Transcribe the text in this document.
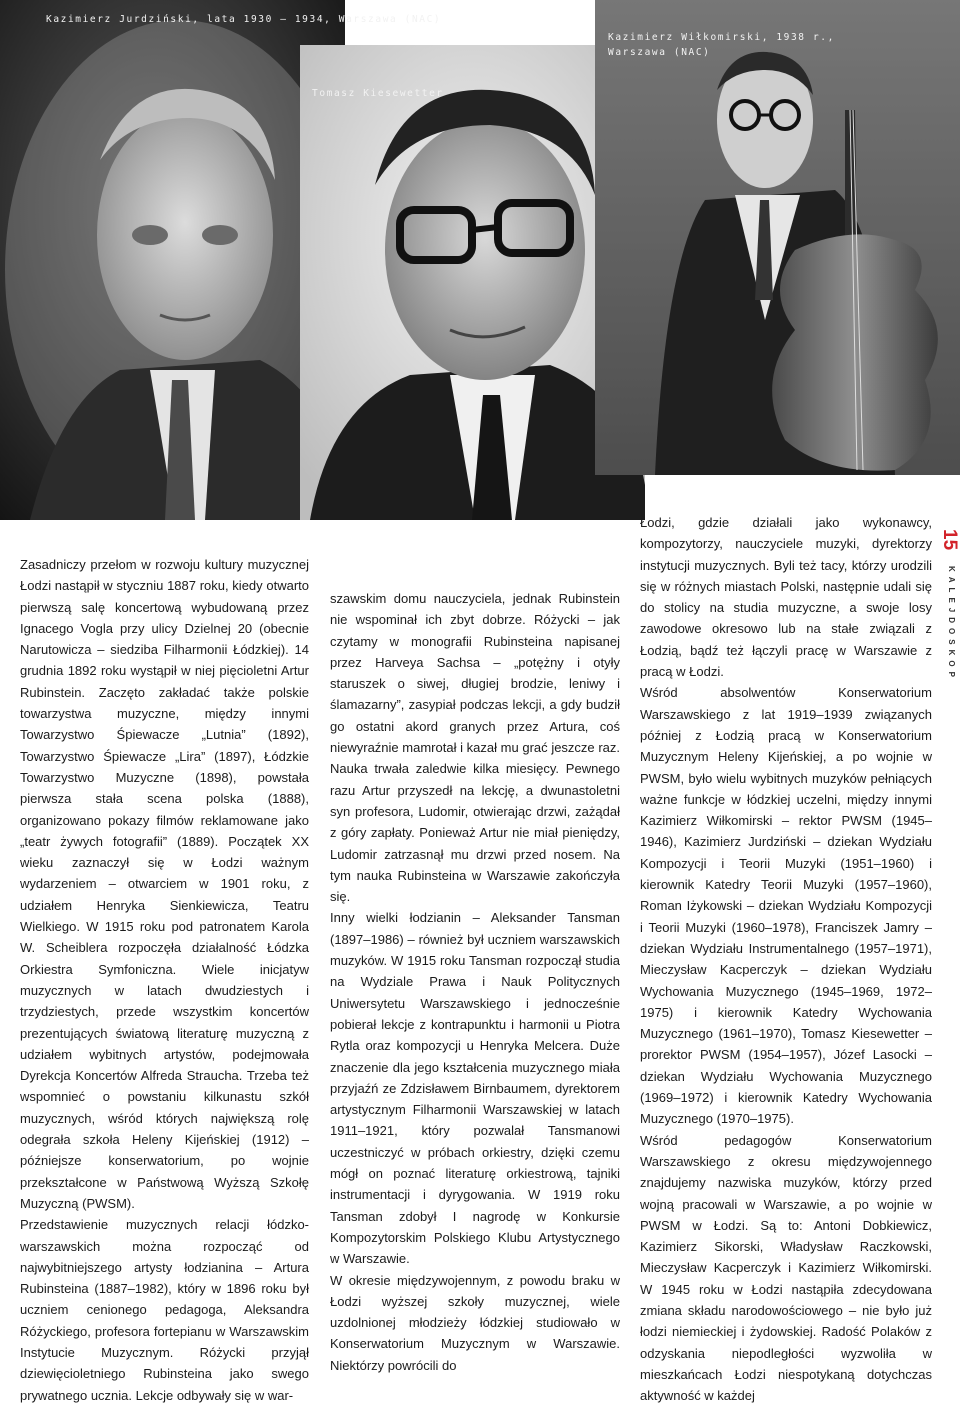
Kazimierz Jurdziński, lata 1930 – 1934, Warszawa (NAC)
Tomasz Kiesewetter
Kazimierz Wiłkomirski, 1938 r.,
Warszawa (NAC)

Zasadniczy przełom w rozwoju kultury muzycznej Łodzi nastąpił w styczniu 1887 roku, kiedy otwarto pierwszą salę koncertową wybudowaną przez Ignacego Vogla przy ulicy Dzielnej 20 (obecnie Narutowicza – siedziba Filharmonii Łódzkiej). 14 grudnia 1892 roku wystąpił w niej pięcioletni Artur Rubinstein. Zaczęto zakładać także polskie towarzystwa muzyczne, między innymi Towarzystwo Śpiewacze „Lutnia” (1892), Towarzystwo Śpiewacze „Lira” (1897), Łódzkie Towarzystwo Muzyczne (1898), powstała pierwsza stała scena polska (1888), organizowano pokazy filmów reklamowane jako „teatr żywych fotografii” (1889). Początek XX wieku zaznaczył się w Łodzi ważnym wydarzeniem – otwarciem w 1901 roku, z udziałem Henryka Sienkiewicza, Teatru Wielkiego. W 1915 roku pod patronatem Karola W. Scheiblera rozpoczęła działalność Łódzka Orkiestra Symfoniczna. Wiele inicjatyw muzycznych w latach dwudziestych i trzydziestych, przede wszystkim koncertów prezentujących światową literaturę muzyczną z udziałem wybitnych artystów, podejmowała Dyrekcja Koncertów Alfreda Straucha. Trzeba też wspomnieć o powstaniu kilkunastu szkół muzycznych, wśród których największą rolę odegrała szkoła Heleny Kijeńskiej (1912) – późniejsze konserwatorium, po wojnie przekształcone w Państwową Wyższą Szkołę Muzyczną (PWSM).

Przedstawienie muzycznych relacji łódzko-warszawskich można rozpocząć od najwybitniejszego artysty łodzianina – Artura Rubinsteina (1887–1982), który w 1896 roku był uczniem cenionego pedagoga, Aleksandra Różyckiego, profesora fortepianu w Warszawskim Instytucie Muzycznym. Różycki przyjął dziewięcioletniego Rubinsteina jako swego prywatnego ucznia. Lekcje odbywały się w war-

szawskim domu nauczyciela, jednak Rubinstein nie wspominał ich zbyt dobrze. Różycki – jak czytamy w monografii Rubinsteina napisanej przez Harveya Sachsa – „potężny i otyły staruszek o siwej, długiej brodzie, leniwy i ślamazarny”, zasypiał podczas lekcji, a gdy budził go ostatni akord granych przez Artura, coś niewyraźnie mamrotał i kazał mu grać jeszcze raz. Nauka trwała zaledwie kilka miesięcy. Pewnego razu Artur przyszedł na lekcję, a dwunastoletni syn profesora, Ludomir, otwierając drzwi, zażądał z góry zapłaty. Ponieważ Artur nie miał pieniędzy, Ludomir zatrzasnął mu drzwi przed nosem. Na tym nauka Rubinsteina w Warszawie zakończyła się.

Inny wielki łodzianin – Aleksander Tansman (1897–1986) – również był uczniem warszawskich muzyków. W 1915 roku Tansman rozpoczął studia na Wydziale Prawa i Nauk Politycznych Uniwersytetu Warszawskiego i jednocześnie pobierał lekcje z kontrapunktu i harmonii u Piotra Rytla oraz kompozycji u Henryka Melcera. Duże znaczenie dla jego kształcenia muzycznego miała przyjaźń ze Zdzisławem Birnbaumem, dyrektorem artystycznym Filharmonii Warszawskiej w latach 1911–1921, który pozwalał Tansmanowi uczestniczyć w próbach orkiestry, dzięki czemu mógł on poznać literaturę orkiestrową, tajniki instrumentacji i dyrygowania. W 1919 roku Tansman zdobył I nagrodę w Konkursie Kompozytorskim Polskiego Klubu Artystycznego w Warszawie.

W okresie międzywojennym, z powodu braku w Łodzi wyższej szkoły muzycznej, wiele uzdolnionej młodzieży łódzkiej studiowało w Konserwatorium Muzycznym w Warszawie. Niektórzy powrócili do

Łodzi, gdzie działali jako wykonawcy, kompozytorzy, nauczyciele muzyki, dyrektorzy instytucji muzycznych. Byli też tacy, którzy urodzili się w różnych miastach Polski, następnie udali się do stolicy na studia muzyczne, a swoje losy zawodowe okresowo lub na stałe związali z Łodzią, bądź też łączyli pracę w Warszawie z pracą w Łodzi.

Wśród absolwentów Konserwatorium Warszawskiego z lat 1919–1939 związanych później z Łodzią pracą w Konserwatorium Muzycznym Heleny Kijeńskiej, a po wojnie w PWSM, było wielu wybitnych muzyków pełniących ważne funkcje w łódzkiej uczelni, między innymi Kazimierz Wiłkomirski – rektor PWSM (1945–1946), Kazimierz Jurdziński – dziekan Wydziału Kompozycji i Teorii Muzyki (1951–1960) i kierownik Katedry Teorii Muzyki (1957–1960), Roman Iżykowski – dziekan Wydziału Kompozycji i Teorii Muzyki (1960–1978), Franciszek Jamry – dziekan Wydziału Instrumentalnego (1957–1971), Mieczysław Kacperczyk – dziekan Wydziału Wychowania Muzycznego (1945–1969, 1972–1975) i kierownik Katedry Wychowania Muzycznego (1961–1970), Tomasz Kiesewetter – prorektor PWSM (1954–1957), Józef Lasocki – dziekan Wydziału Wychowania Muzycznego (1969–1972) i kierownik Katedry Wychowania Muzycznego (1970–1975).

Wśród pedagogów Konserwatorium Warszawskiego z okresu międzywojennego znajdujemy nazwiska muzyków, którzy przed wojną pracowali w Warszawie, a po wojnie w PWSM w Łodzi. Są to: Antoni Dobkiewicz, Kazimierz Sikorski, Władysław Raczkowski, Mieczysław Kacperczyk i Kazimierz Wiłkomirski. W 1945 roku w Łodzi nastąpiła zdecydowana zmiana składu narodowościowego – nie było już łodzi niemieckiej i żydowskiej. Radość Polaków z odzyskania niepodległości wyzwoliła w mieszkańcach Łodzi niespotykaną dotychczas aktywność w każdej

15
KALEJDOSKOP
